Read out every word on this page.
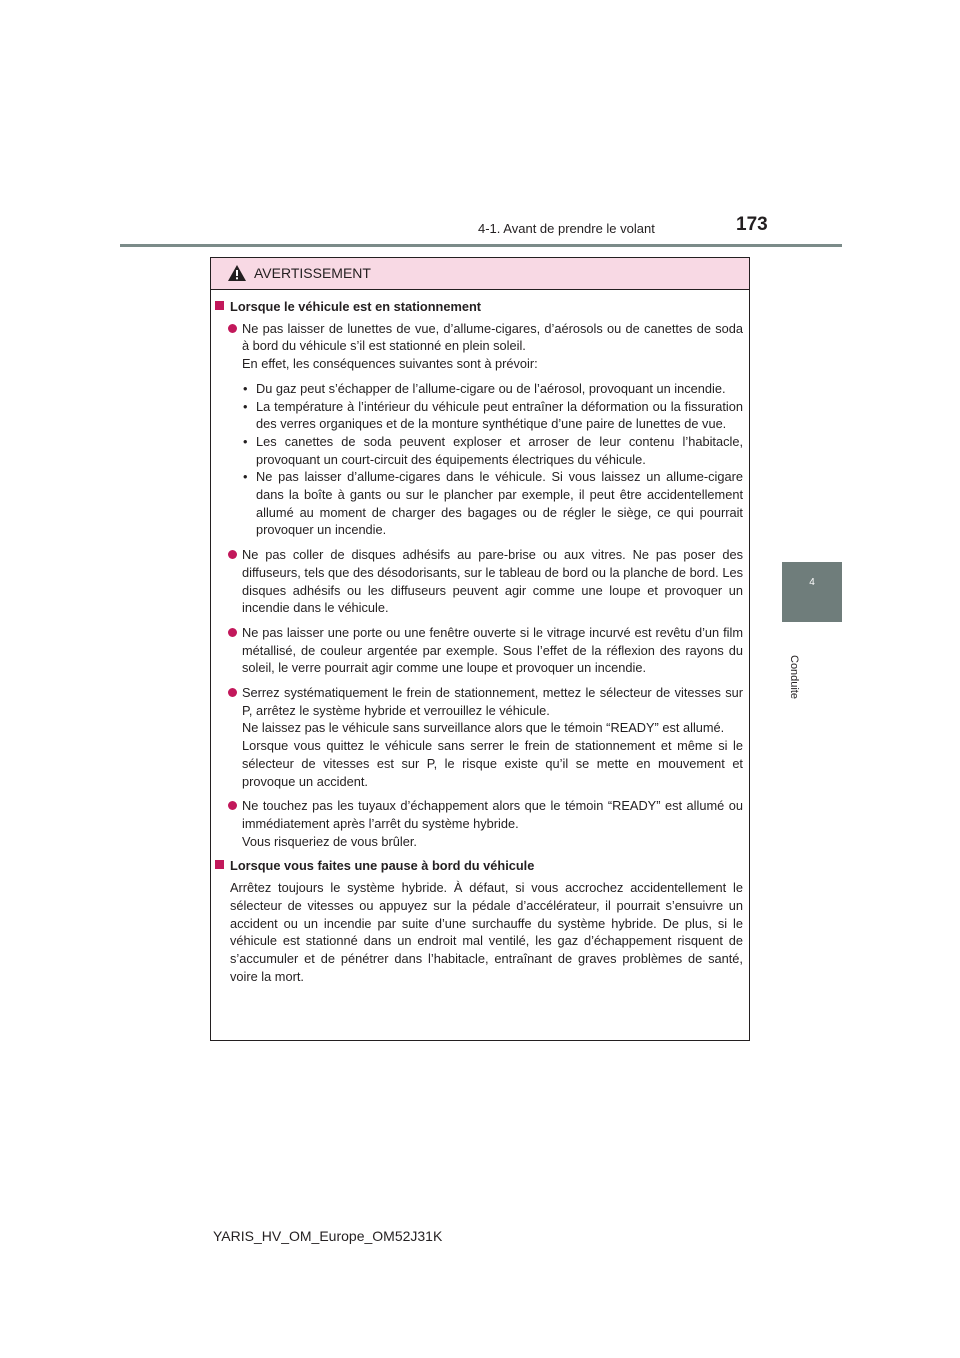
4-1. Avant de prendre le volant	173
4
Conduite
AVERTISSEMENT
Lorsque le véhicule est en stationnement
Ne pas laisser de lunettes de vue, d’allume-cigares, d’aérosols ou de canettes de soda à bord du véhicule s’il est stationné en plein soleil.
En effet, les conséquences suivantes sont à prévoir:
• Du gaz peut s’échapper de l’allume-cigare ou de l’aérosol, provoquant un incendie.
• La température à l’intérieur du véhicule peut entraîner la déformation ou la fissuration des verres organiques et de la monture synthétique d’une paire de lunettes de vue.
• Les canettes de soda peuvent exploser et arroser de leur contenu l’habitacle, provoquant un court-circuit des équipements électriques du véhicule.
• Ne pas laisser d’allume-cigares dans le véhicule. Si vous laissez un allume-cigare dans la boîte à gants ou sur le plancher par exemple, il peut être accidentellement allumé au moment de charger des bagages ou de régler le siège, ce qui pourrait provoquer un incendie.
Ne pas coller de disques adhésifs au pare-brise ou aux vitres. Ne pas poser des diffuseurs, tels que des désodorisants, sur le tableau de bord ou la planche de bord. Les disques adhésifs ou les diffuseurs peuvent agir comme une loupe et provoquer un incendie dans le véhicule.
Ne pas laisser une porte ou une fenêtre ouverte si le vitrage incurvé est revêtu d’un film métallisé, de couleur argentée par exemple. Sous l’effet de la réflexion des rayons du soleil, le verre pourrait agir comme une loupe et provoquer un incendie.
Serrez systématiquement le frein de stationnement, mettez le sélecteur de vitesses sur P, arrêtez le système hybride et verrouillez le véhicule.
Ne laissez pas le véhicule sans surveillance alors que le témoin “READY” est allumé.
Lorsque vous quittez le véhicule sans serrer le frein de stationnement et même si le sélecteur de vitesses est sur P, le risque existe qu’il se mette en mouvement et provoque un accident.
Ne touchez pas les tuyaux d’échappement alors que le témoin “READY” est allumé ou immédiatement après l’arrêt du système hybride.
Vous risqueriez de vous brûler.
Lorsque vous faites une pause à bord du véhicule
Arrêtez toujours le système hybride. À défaut, si vous accrochez accidentellement le sélecteur de vitesses ou appuyez sur la pédale d’accélérateur, il pourrait s’ensuivre un accident ou un incendie par suite d’une surchauffe du système hybride. De plus, si le véhicule est stationné dans un endroit mal ventilé, les gaz d’échappement risquent de s’accumuler et de pénétrer dans l’habitacle, entraînant de graves problèmes de santé, voire la mort.
YARIS_HV_OM_Europe_OM52J31K
